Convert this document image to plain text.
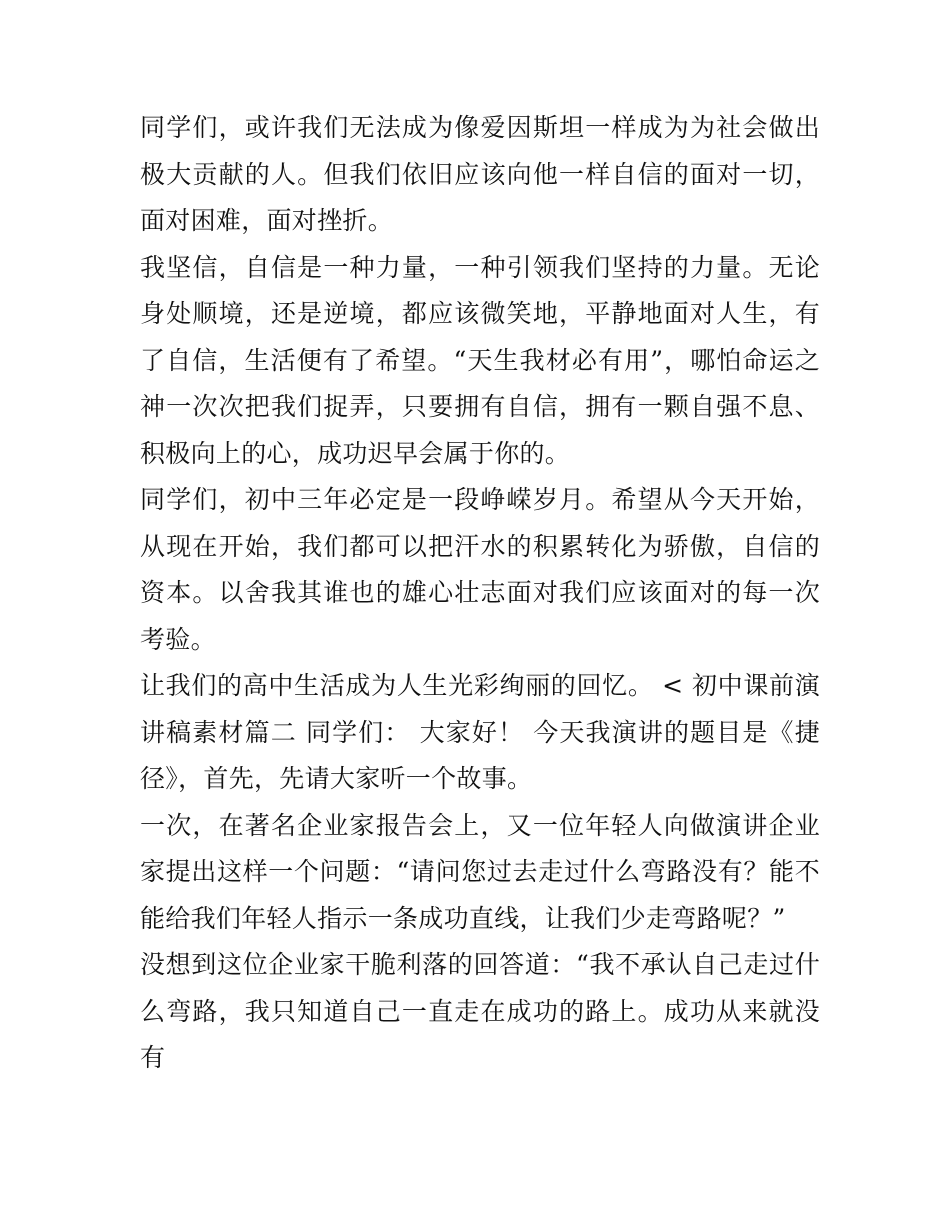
同学们，或许我们无法成为像爱因斯坦一样成为为社会做出极大贡献的人。但我们依旧应该向他一样自信的面对一切，面对困难，面对挫折。

我坚信，自信是一种力量，一种引领我们坚持的力量。无论身处顺境，还是逆境，都应该微笑地，平静地面对人生，有了自信，生活便有了希望。“天生我材必有用”，哪怕命运之神一次次把我们捉弄，只要拥有自信，拥有一颗自强不息、积极向上的心，成功迟早会属于你的。

同学们，初中三年必定是一段峥嵘岁月。希望从今天开始，从现在开始，我们都可以把汗水的积累转化为骄傲，自信的资本。以舍我其谁也的雄心壮志面对我们应该面对的每一次考验。

让我们的高中生活成为人生光彩绚丽的回忆。 < 初中课前演讲稿素材篇二 同学们： 大家好！ 今天我演讲的题目是《捷径》，首先，先请大家听一个故事。

一次，在著名企业家报告会上，又一位年轻人向做演讲企业家提出这样一个问题：“请问您过去走过什么弯路没有？能不能给我们年轻人指示一条成功直线，让我们少走弯路呢？”

没想到这位企业家干脆利落的回答道：“我不承认自己走过什么弯路，我只知道自己一直走在成功的路上。成功从来就没有
